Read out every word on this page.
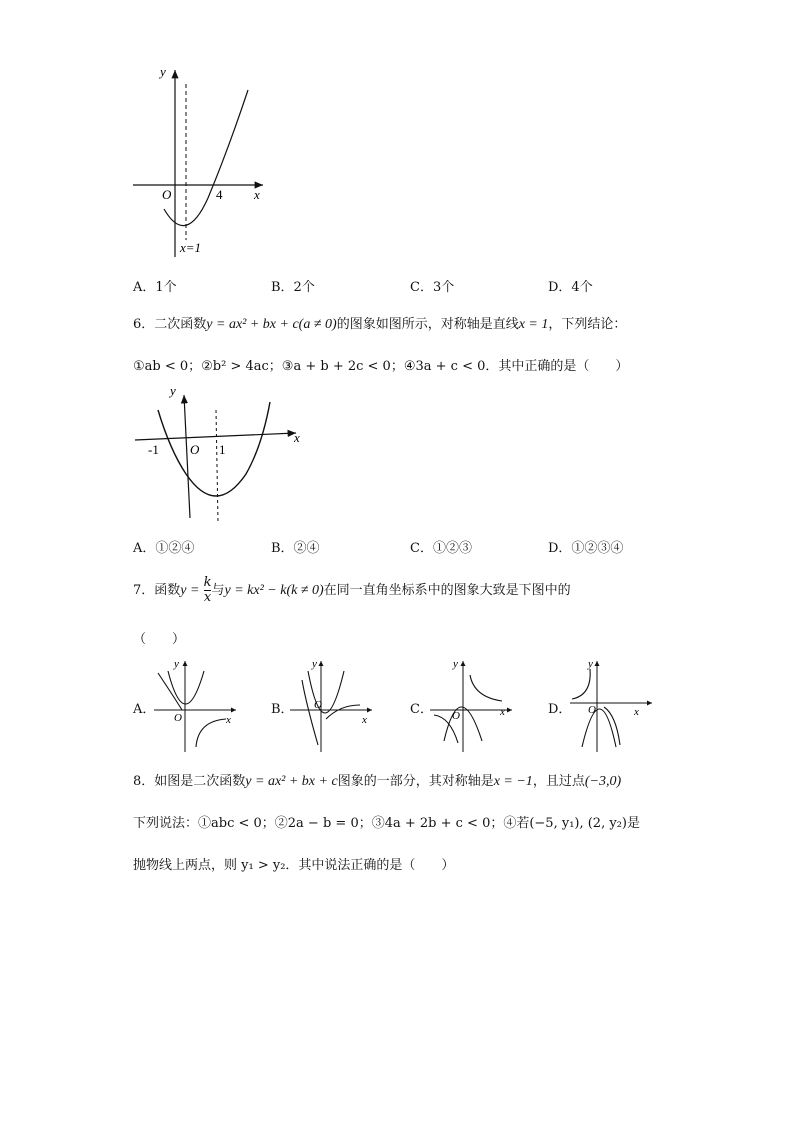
y
x
O	4
x=1
A．1个	B．2个	C．3个	D．4个
6．二次函数y = ax² + bx + c(a ≠ 0)的图象如图所示，对称轴是直线x = 1，下列结论：
①ab < 0；②b² > 4ac；③a + b + 2c < 0；④3a + c < 0．其中正确的是（　　）
y
x
O
-1	1
A．①②④	B．②④	C．①②③	D．①②③④
7．函数$y = \frac{k}{x}$ 与y = kx² − k(k ≠ 0)在同一直角坐标系中的图象大致是下图中的
（　　）
A．	B．	C．	D．
y
x
O
y
x
O
y
x
O
y
x
O
8．如图是二次函数y = ax² + bx + c图象的一部分，其对称轴是x = −1，且过点(−3,0)
下列说法：①abc < 0；②2a − b = 0；③4a + 2b + c < 0；④若(−5, y₁), (2, y₂)是
抛物线上两点，则 y₁ > y₂．其中说法正确的是（　　）
